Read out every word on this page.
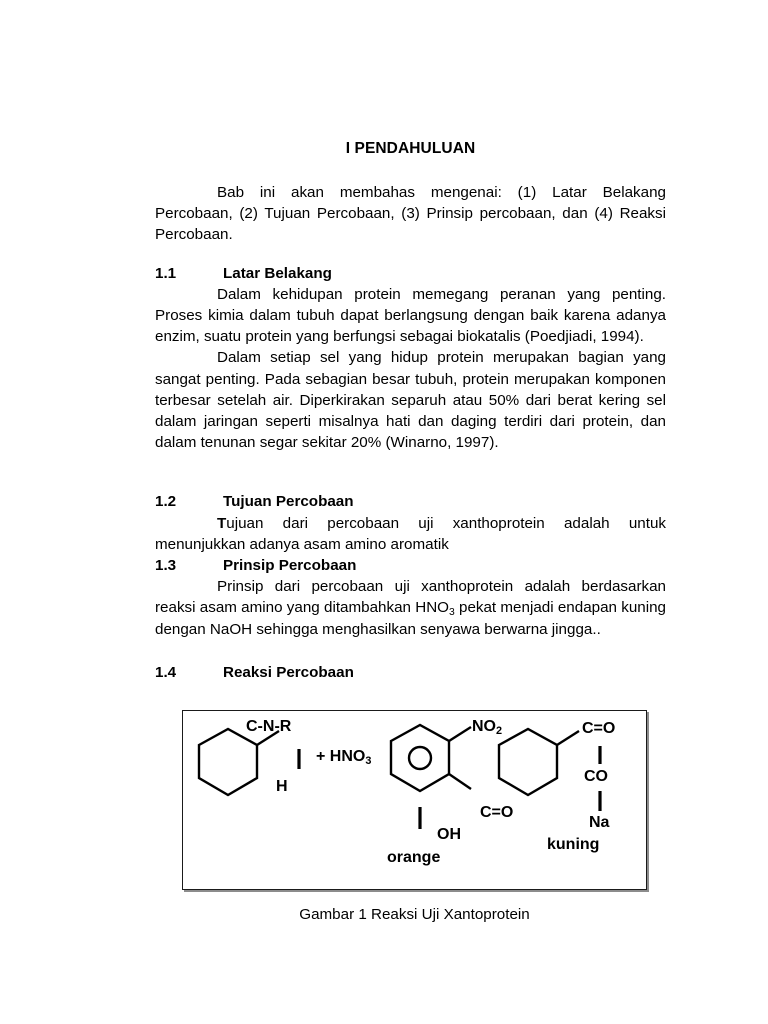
I PENDAHULUAN

Bab ini akan membahas mengenai: (1) Latar Belakang Percobaan, (2) Tujuan Percobaan, (3) Prinsip percobaan, dan (4) Reaksi Percobaan.

1.1	Latar Belakang

Dalam kehidupan protein memegang peranan yang penting. Proses kimia dalam tubuh dapat berlangsung dengan baik karena adanya enzim, suatu protein yang berfungsi sebagai biokatalis (Poedjiadi, 1994).

Dalam setiap sel yang hidup protein merupakan bagian yang sangat penting. Pada sebagian besar tubuh, protein merupakan komponen terbesar setelah air. Diperkirakan separuh atau 50% dari berat kering sel dalam jaringan seperti misalnya hati dan daging terdiri dari protein, dan dalam tenunan segar sekitar 20% (Winarno, 1997).

1.2	Tujuan Percobaan

Tujuan dari percobaan uji xanthoprotein adalah untuk menunjukkan adanya asam amino aromatik

1.3	Prinsip Percobaan

Prinsip dari percobaan uji xanthoprotein adalah berdasarkan reaksi asam amino yang ditambahkan $HNO_3$ pekat menjadi endapan kuning dengan NaOH sehingga menghasilkan senyawa berwarna jingga..

1.4	Reaksi Percobaan
C-N-R
H
+ $HNO_3$
$NO_2$
OH
orange
C=O
C=O
CO
Na
kuning
Gambar 1 Reaksi Uji Xantoprotein
